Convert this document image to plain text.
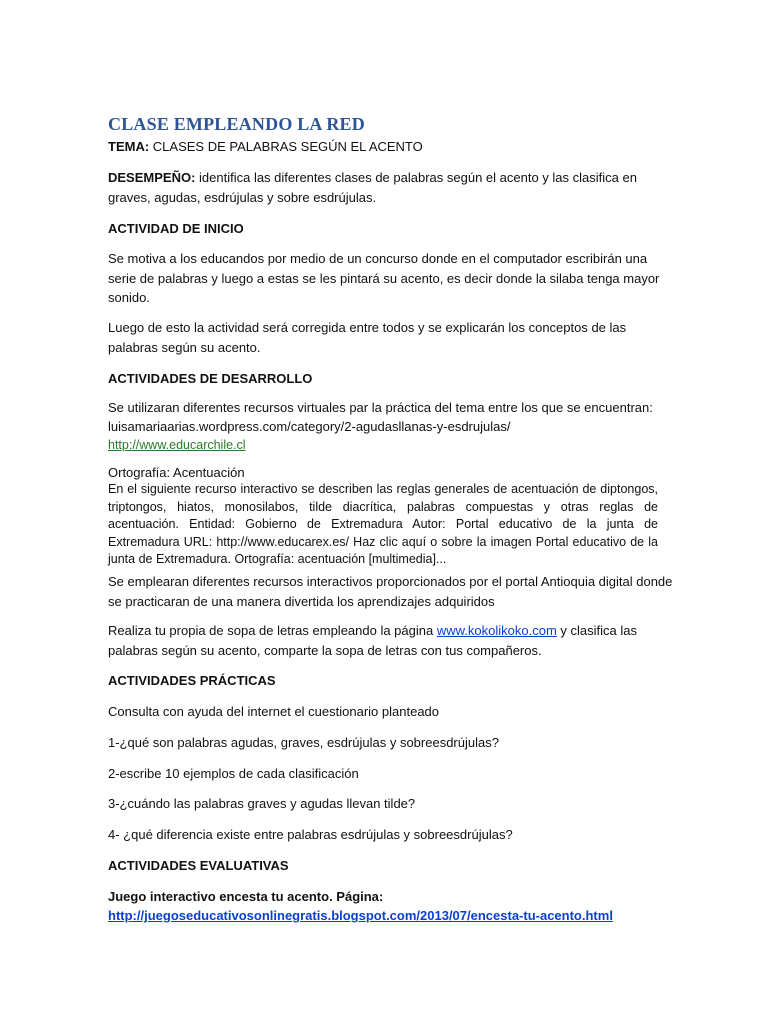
CLASE EMPLEANDO LA RED

TEMA: CLASES DE PALABRAS SEGÚN EL ACENTO

DESEMPEÑO: identifica las diferentes clases de palabras según el acento y las clasifica en graves, agudas, esdrújulas y sobre esdrújulas.

ACTIVIDAD DE INICIO

Se motiva a los educandos por medio de un concurso donde en el computador escribirán una serie de palabras y luego a estas se les pintará su acento, es decir donde la silaba tenga mayor sonido.

Luego de esto la actividad será corregida entre todos y se explicarán los conceptos de las palabras según su acento.

ACTIVIDADES DE DESARROLLO

Se utilizaran diferentes recursos virtuales par la práctica del tema entre los que se encuentran:

luisamariaarias.wordpress.com/category/2-agudasllanas-y-esdrujulas/

http://www.educarchile.cl

Ortografía: Acentuación

En el siguiente recurso interactivo se describen las reglas generales de acentuación de diptongos, triptongos, hiatos, monosilabos, tilde diacrítica, palabras compuestas y otras reglas de acentuación. Entidad: Gobierno de Extremadura Autor: Portal educativo de la junta de Extremadura URL: http://www.educarex.es/ Haz clic aquí o sobre la imagen Portal educativo de la junta de Extremadura. Ortografía: acentuación [multimedia]...

Se emplearan diferentes recursos interactivos proporcionados por el portal Antioquia digital donde se practicaran de una manera divertida los aprendizajes adquiridos

Realiza tu propia de sopa de letras empleando la página www.kokolikoko.com y clasifica las palabras según su acento, comparte la sopa de letras con tus compañeros.

ACTIVIDADES PRÁCTICAS

Consulta con ayuda del internet el cuestionario planteado

1-¿qué son palabras agudas, graves, esdrújulas y sobreesdrújulas?

2-escribe 10 ejemplos de cada clasificación

3-¿cuándo las palabras graves y agudas llevan tilde?

4- ¿qué diferencia existe entre palabras esdrújulas y sobreesdrújulas?

ACTIVIDADES EVALUATIVAS

Juego interactivo encesta tu acento. Página:

http://juegoseducativosonlinegratis.blogspot.com/2013/07/encesta-tu-acento.html
